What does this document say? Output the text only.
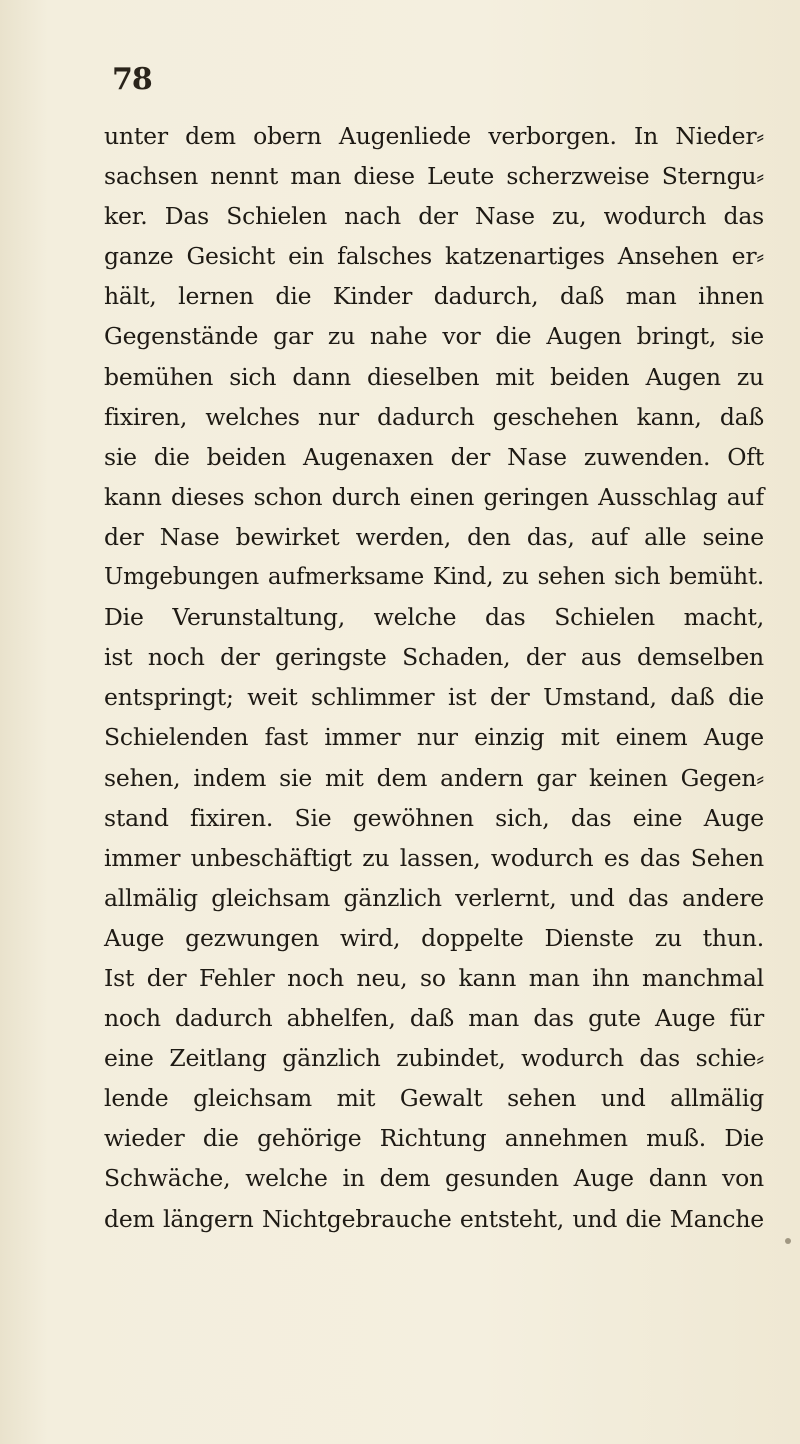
78
unter dem obern Augenliede verborgen. In Nieder⸗
sachsen nennt man diese Leute scherzweise Sterngu⸗
ker. Das Schielen nach der Nase zu, wodurch das
ganze Gesicht ein falsches katzenartiges Ansehen er⸗
hält, lernen die Kinder dadurch, daß man ihnen
Gegenstände gar zu nahe vor die Augen bringt, sie
bemühen sich dann dieselben mit beiden Augen zu
fixiren, welches nur dadurch geschehen kann, daß
sie die beiden Augenaxen der Nase zuwenden. Oft
kann dieses schon durch einen geringen Ausschlag auf
der Nase bewirket werden, den das, auf alle seine
Umgebungen aufmerksame Kind, zu sehen sich bemüht.
Die Verunstaltung, welche das Schielen macht,
ist noch der geringste Schaden, der aus demselben
entspringt; weit schlimmer ist der Umstand, daß die
Schielenden fast immer nur einzig mit einem Auge
sehen, indem sie mit dem andern gar keinen Gegen⸗
stand fixiren. Sie gewöhnen sich, das eine Auge
immer unbeschäftigt zu lassen, wodurch es das Sehen
allmälig gleichsam gänzlich verlernt, und das andere
Auge gezwungen wird, doppelte Dienste zu thun.
Ist der Fehler noch neu, so kann man ihn manchmal
noch dadurch abhelfen, daß man das gute Auge für
eine Zeitlang gänzlich zubindet, wodurch das schie⸗
lende gleichsam mit Gewalt sehen und allmälig
wieder die gehörige Richtung annehmen muß. Die
Schwäche, welche in dem gesunden Auge dann von
dem längern Nichtgebrauche entsteht, und die Manche
